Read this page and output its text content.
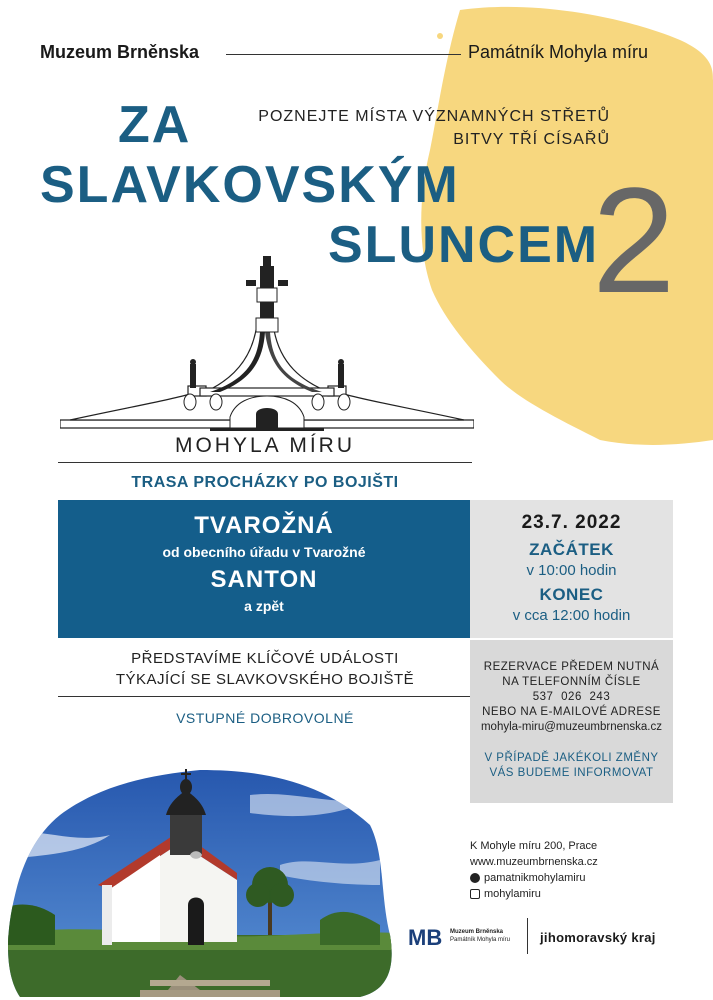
Muzeum Brněnska	Památník Mohyla míru
POZNEJTE MÍSTA VÝZNAMNÝCH STŘETŮ
BITVY TŘÍ CÍSAŘŮ
ZA
SLAVKOVSKÝM
SLUNCEM
2
MOHYLA MÍRU
TRASA PROCHÁZKY PO BOJIŠTI
TVAROŽNÁ
od obecního úřadu v Tvarožné
SANTON
a zpět
23.7. 2022
ZAČÁTEK
v 10:00 hodin
KONEC
v cca 12:00 hodin
PŘEDSTAVÍME KLÍČOVÉ UDÁLOSTI
TÝKAJÍCÍ SE SLAVKOVSKÉHO BOJIŠTĚ
VSTUPNÉ DOBROVOLNÉ
REZERVACE PŘEDEM NUTNÁ
NA TELEFONNÍM ČÍSLE
537 026 243
NEBO NA E-MAILOVÉ ADRESE
mohyla-miru@muzeumbrnenska.cz
V PŘÍPADĚ JAKÉKOLI ZMĚNY
VÁS BUDEME INFORMOVAT
K Mohyle míru 200, Prace
www.muzeumbrnenska.cz
pamatnikmohylamiru
mohylamiru
MB Muzeum Brněnska
Památník Mohyla míru jihomoravský kraj
